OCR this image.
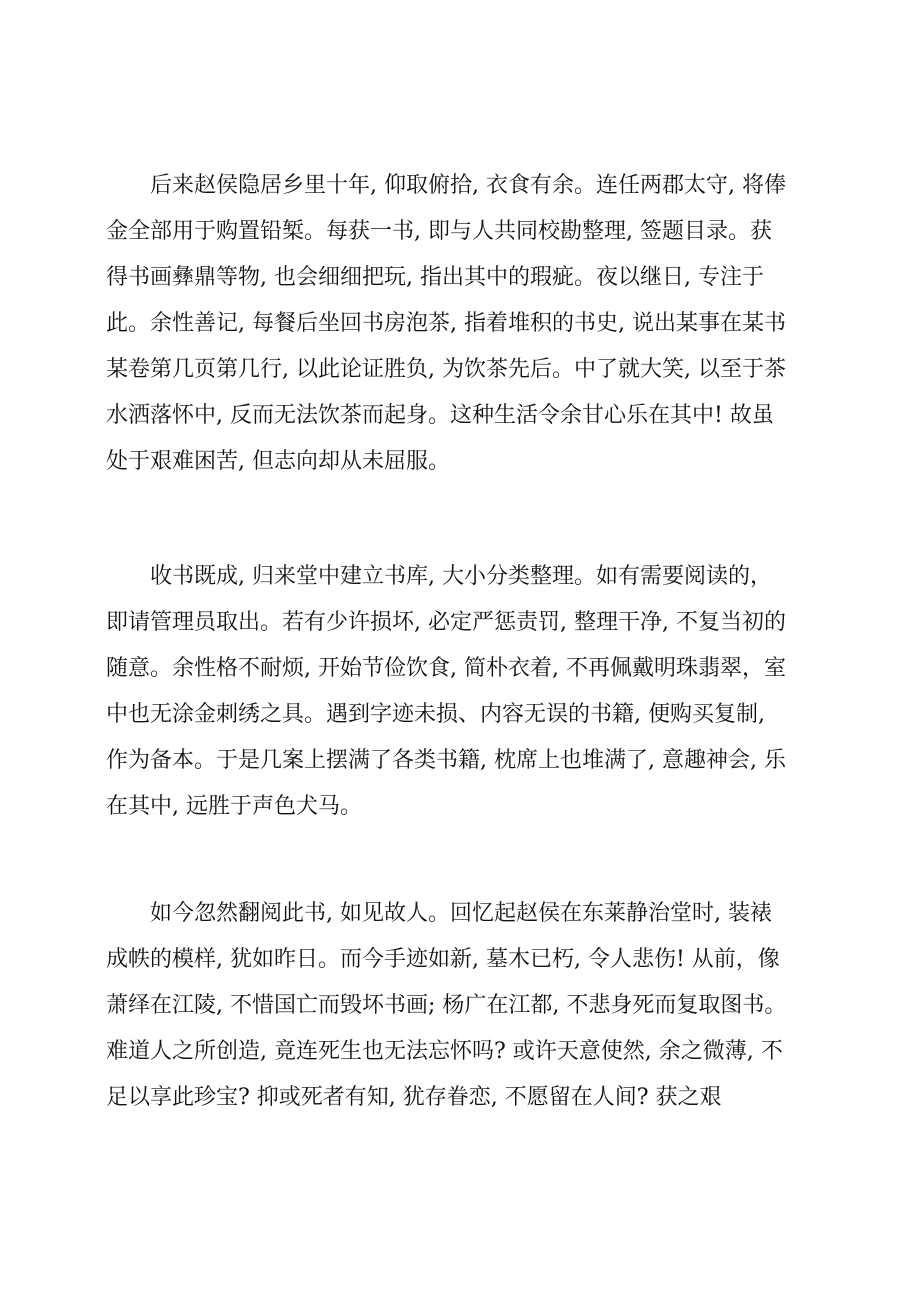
　　后来赵侯隐居乡里十年, 仰取俯拾, 衣食有余。连任两郡太守, 将俸
金全部用于购置铅椠。每获一书, 即与人共同校勘整理, 签题目录。获
得书画彝鼎等物, 也会细细把玩, 指出其中的瑕疵。夜以继日, 专注于
此。余性善记, 每餐后坐回书房泡茶, 指着堆积的书史, 说出某事在某书
某卷第几页第几行, 以此论证胜负, 为饮茶先后。中了就大笑, 以至于茶
水洒落怀中, 反而无法饮茶而起身。这种生活令余甘心乐在其中! 故虽
处于艰难困苦, 但志向却从未屈服。
　　收书既成, 归来堂中建立书库, 大小分类整理。如有需要阅读的，
即请管理员取出。若有少许损坏, 必定严惩责罚, 整理干净, 不复当初的
随意。余性格不耐烦, 开始节俭饮食, 简朴衣着, 不再佩戴明珠翡翠，室
中也无涂金刺绣之具。遇到字迹未损、内容无误的书籍, 便购买复制,
作为备本。于是几案上摆满了各类书籍, 枕席上也堆满了, 意趣神会, 乐
在其中, 远胜于声色犬马。
　　如今忽然翻阅此书, 如见故人。回忆起赵侯在东莱静治堂时, 装裱
成帙的模样, 犹如昨日。而今手迹如新, 墓木已朽, 令人悲伤! 从前，像
萧绎在江陵, 不惜国亡而毁坏书画; 杨广在江都, 不悲身死而复取图书。
难道人之所创造, 竟连死生也无法忘怀吗? 或许天意使然, 余之微薄, 不
足以享此珍宝? 抑或死者有知, 犹存眷恋, 不愿留在人间? 获之艰
